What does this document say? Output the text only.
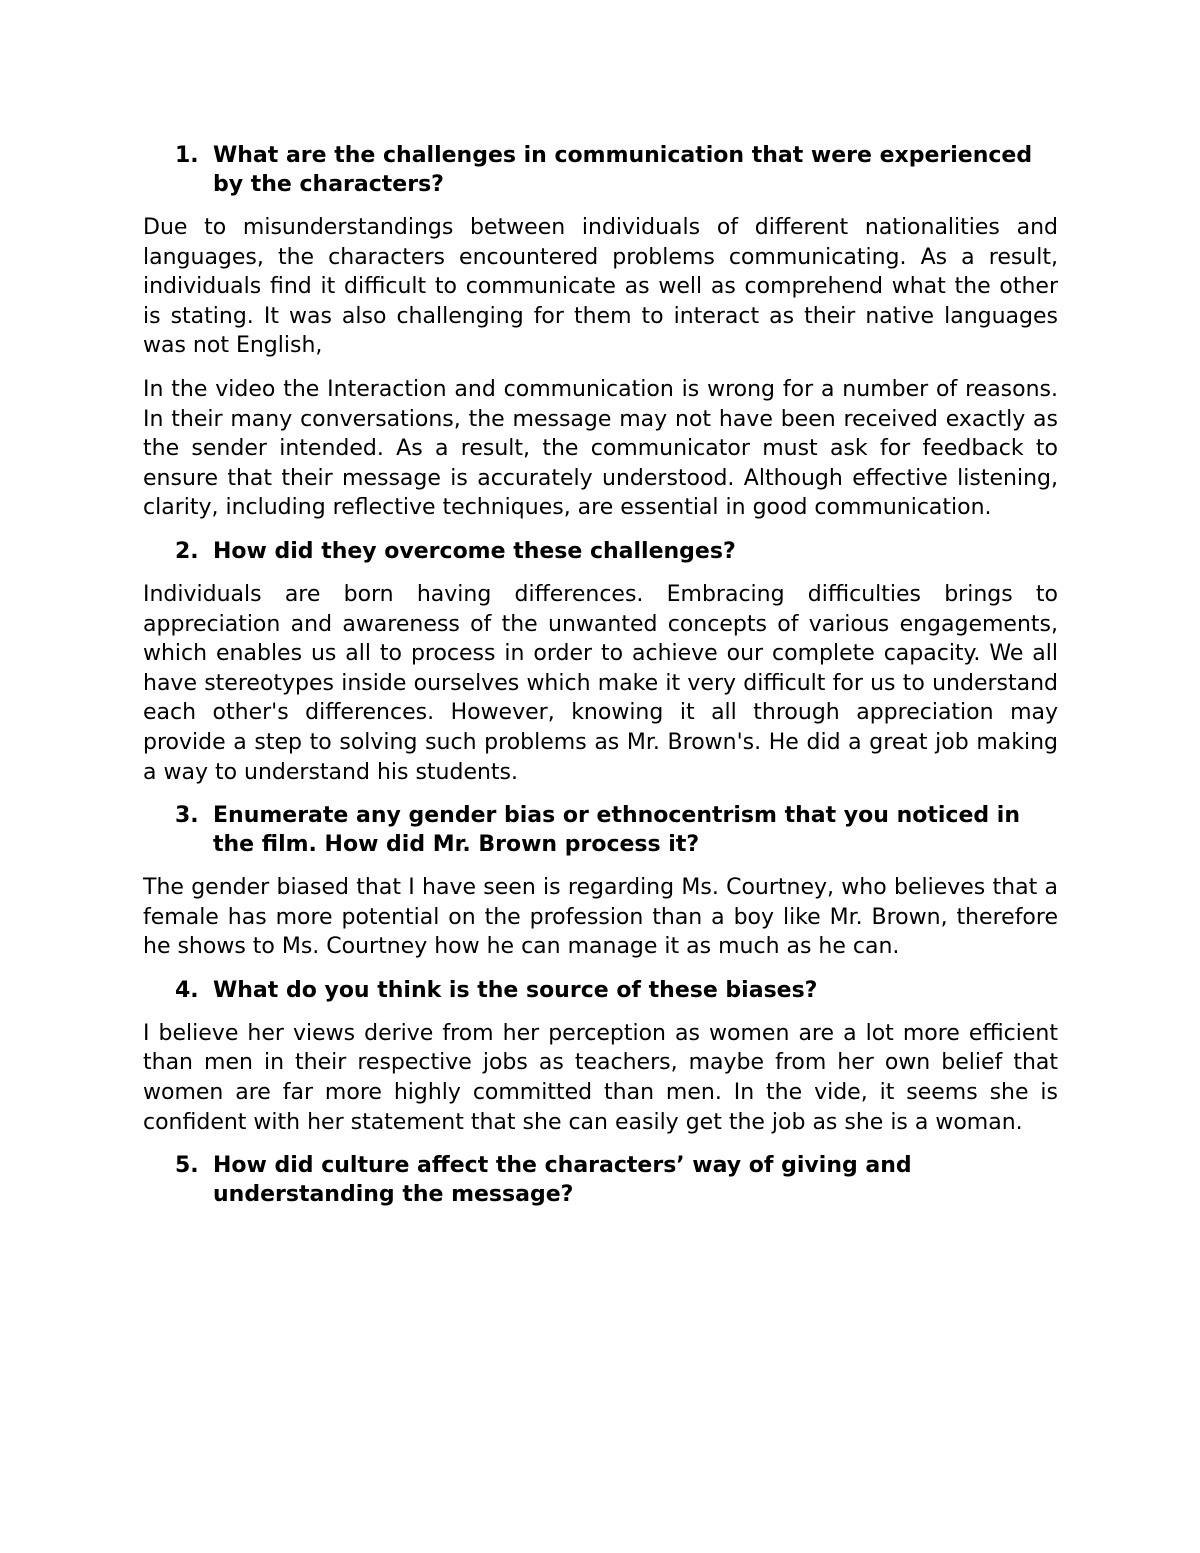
1. What are the challenges in communication that were experienced by the characters?

Due to misunderstandings between individuals of different nationalities and languages, the characters encountered problems communicating. As a result, individuals find it difficult to communicate as well as comprehend what the other is stating. It was also challenging for them to interact as their native languages was not English,

In the video the Interaction and communication is wrong for a number of reasons. In their many conversations, the message may not have been received exactly as the sender intended. As a result, the communicator must ask for feedback to ensure that their message is accurately understood. Although effective listening, clarity, including reflective techniques, are essential in good communication.

2. How did they overcome these challenges?

Individuals are born having differences. Embracing difficulties brings to appreciation and awareness of the unwanted concepts of various engagements, which enables us all to process in order to achieve our complete capacity. We all have stereotypes inside ourselves which make it very difficult for us to understand each other's differences. However, knowing it all through appreciation may provide a step to solving such problems as Mr. Brown's. He did a great job making a way to understand his students.

3. Enumerate any gender bias or ethnocentrism that you noticed in the film. How did Mr. Brown process it?

The gender biased that I have seen is regarding Ms. Courtney, who believes that a female has more potential on the profession than a boy like Mr. Brown, therefore he shows to Ms. Courtney how he can manage it as much as he can.

4. What do you think is the source of these biases?

I believe her views derive from her perception as women are a lot more efficient than men in their respective jobs as teachers, maybe from her own belief that women are far more highly committed than men. In the vide, it seems she is confident with her statement that she can easily get the job as she is a woman.

5. How did culture affect the characters’ way of giving and understanding the message?
